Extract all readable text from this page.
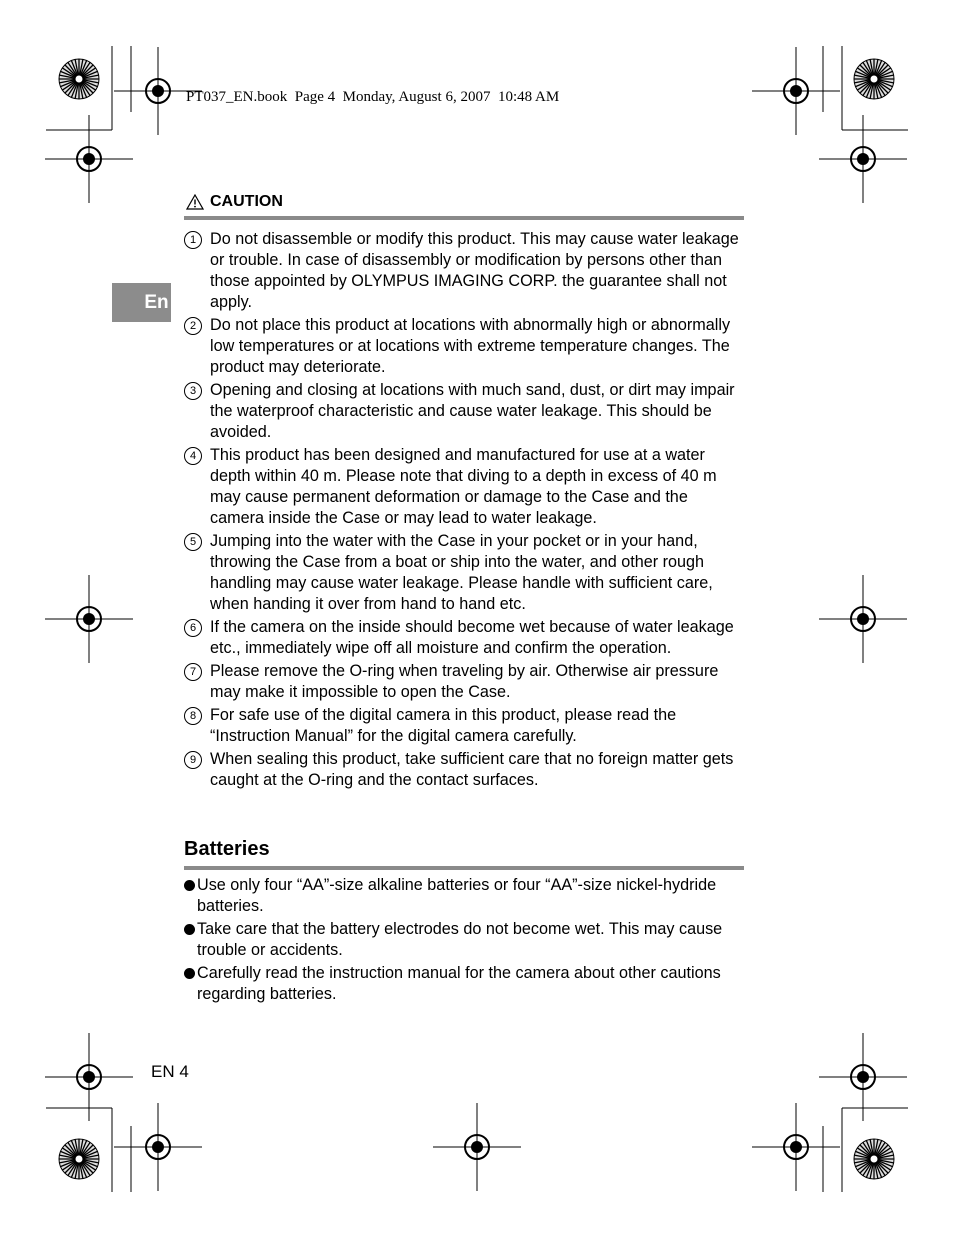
PT037_EN.book  Page 4  Monday, August 6, 2007  10:48 AM
En
CAUTION
1 Do not disassemble or modify this product. This may cause water leakage or trouble. In case of disassembly or modification by persons other than those appointed by OLYMPUS IMAGING CORP. the guarantee shall not apply.
2 Do not place this product at locations with abnormally high or abnormally low temperatures or at locations with extreme temperature changes. The product may deteriorate.
3 Opening and closing at locations with much sand, dust, or dirt may impair the waterproof characteristic and cause water leakage. This should be avoided.
4 This product has been designed and manufactured for use at a water depth within 40 m. Please note that diving to a depth in excess of 40 m may cause permanent deformation or damage to the Case and the camera inside the Case or may lead to water leakage.
5 Jumping into the water with the Case in your pocket or in your hand, throwing the Case from a boat or ship into the water, and other rough handling may cause water leakage. Please handle with sufficient care, when handing it over from hand to hand etc.
6 If the camera on the inside should become wet because of water leakage etc., immediately wipe off all moisture and confirm the operation.
7 Please remove the O-ring when traveling by air. Otherwise air pressure may make it impossible to open the Case.
8 For safe use of the digital camera in this product, please read the “Instruction Manual” for the digital camera carefully.
9 When sealing this product, take sufficient care that no foreign matter gets caught at the O-ring and the contact surfaces.
Batteries
Use only four “AA”-size alkaline batteries or four “AA”-size nickel-hydride batteries.
Take care that the battery electrodes do not become wet. This may cause trouble or accidents.
Carefully read the instruction manual for the camera about other cautions regarding batteries.
EN 4
